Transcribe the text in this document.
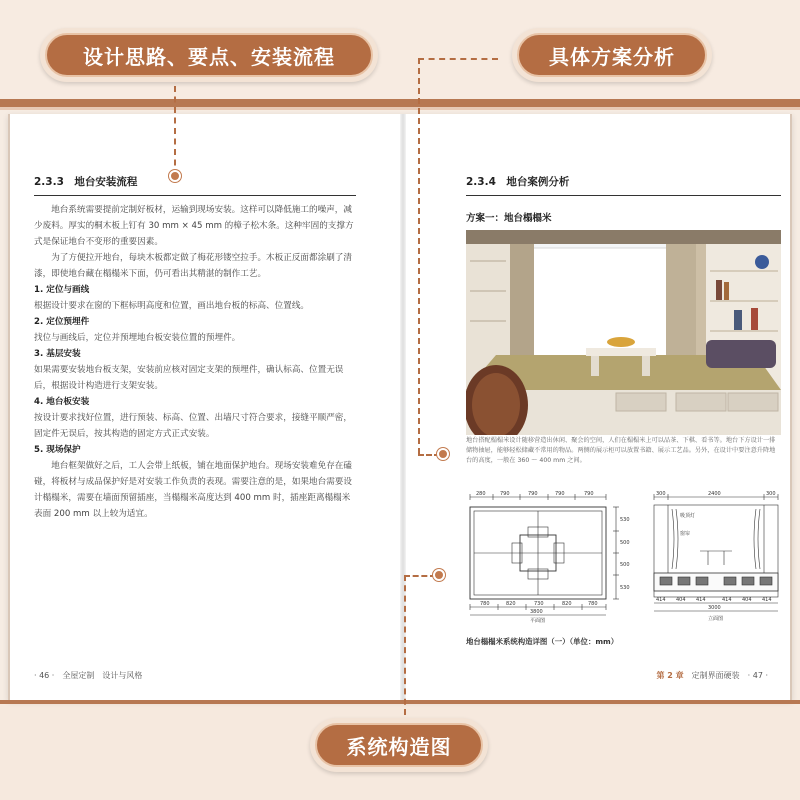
2.3.3　地台安装流程

地台系统需要提前定制好板材，运输到现场安装。这样可以降低施工的噪声，减少废料。厚实的桐木板上钉有 30 mm × 45 mm 的樟子松木条。这种牢固的支撑方式是保证地台不变形的重要因素。

为了方便拉开地台，每块木板都定做了梅花形镂空拉手。木板正反面都涂刷了清漆，即使地台藏在榻榻米下面，仍可看出其精湛的制作工艺。

1. 定位与画线
根据设计要求在窗的下框标明高度和位置，画出地台板的标高、位置线。
2. 定位预埋件
找位与画线后，定位并预埋地台板安装位置的预埋件。
3. 基层安装
如果需要安装地台板支架，安装前应核对固定支架的预埋件，确认标高、位置无误后，根据设计构造进行支架安装。
4. 地台板安装
按设计要求找好位置，进行预装、标高、位置、出墙尺寸符合要求，接缝平顺严密，固定件无误后，按其构造的固定方式正式安装。
5. 现场保护
地台框架做好之后，工人会带上纸板，铺在地面保护地台。现场安装难免存在磕碰，将板材与成品保护好是对安装工作负责的表现。需要注意的是，如果地台需要设计榻榻米，需要在墙面预留插座，当榻榻米高度达到 400 mm 时，插座距离榻榻米表面 200 mm 以上较为适宜。
· 46 ·　全屋定制　设计与风格
2.3.4　地台案例分析
方案一：地台榻榻米
地台搭配榻榻米设计随移营造出休闲、聚会的空间，人们在榻榻米上可以品茶、下棋、看书等。地台下方设计一排储物抽屉，能够轻松储藏不常用的物品。两侧的展示柜可以放置书籍、展示工艺品。另外，在设计中要注意升降地台的高度，一般在 360 ～ 400 mm 之间。
280	790	790	790	790
780	820	730	820	780
3800
平面图
530
500
500
530
300	2400	300
吸顶灯
窗帘
414 404 414	414 404 414
3000
立面图
地台榻榻米系统构造详图（一）（单位：mm）
第 2 章　定制界面硬装　· 47 ·
设计思路、要点、安装流程	具体方案分析
系统构造图
